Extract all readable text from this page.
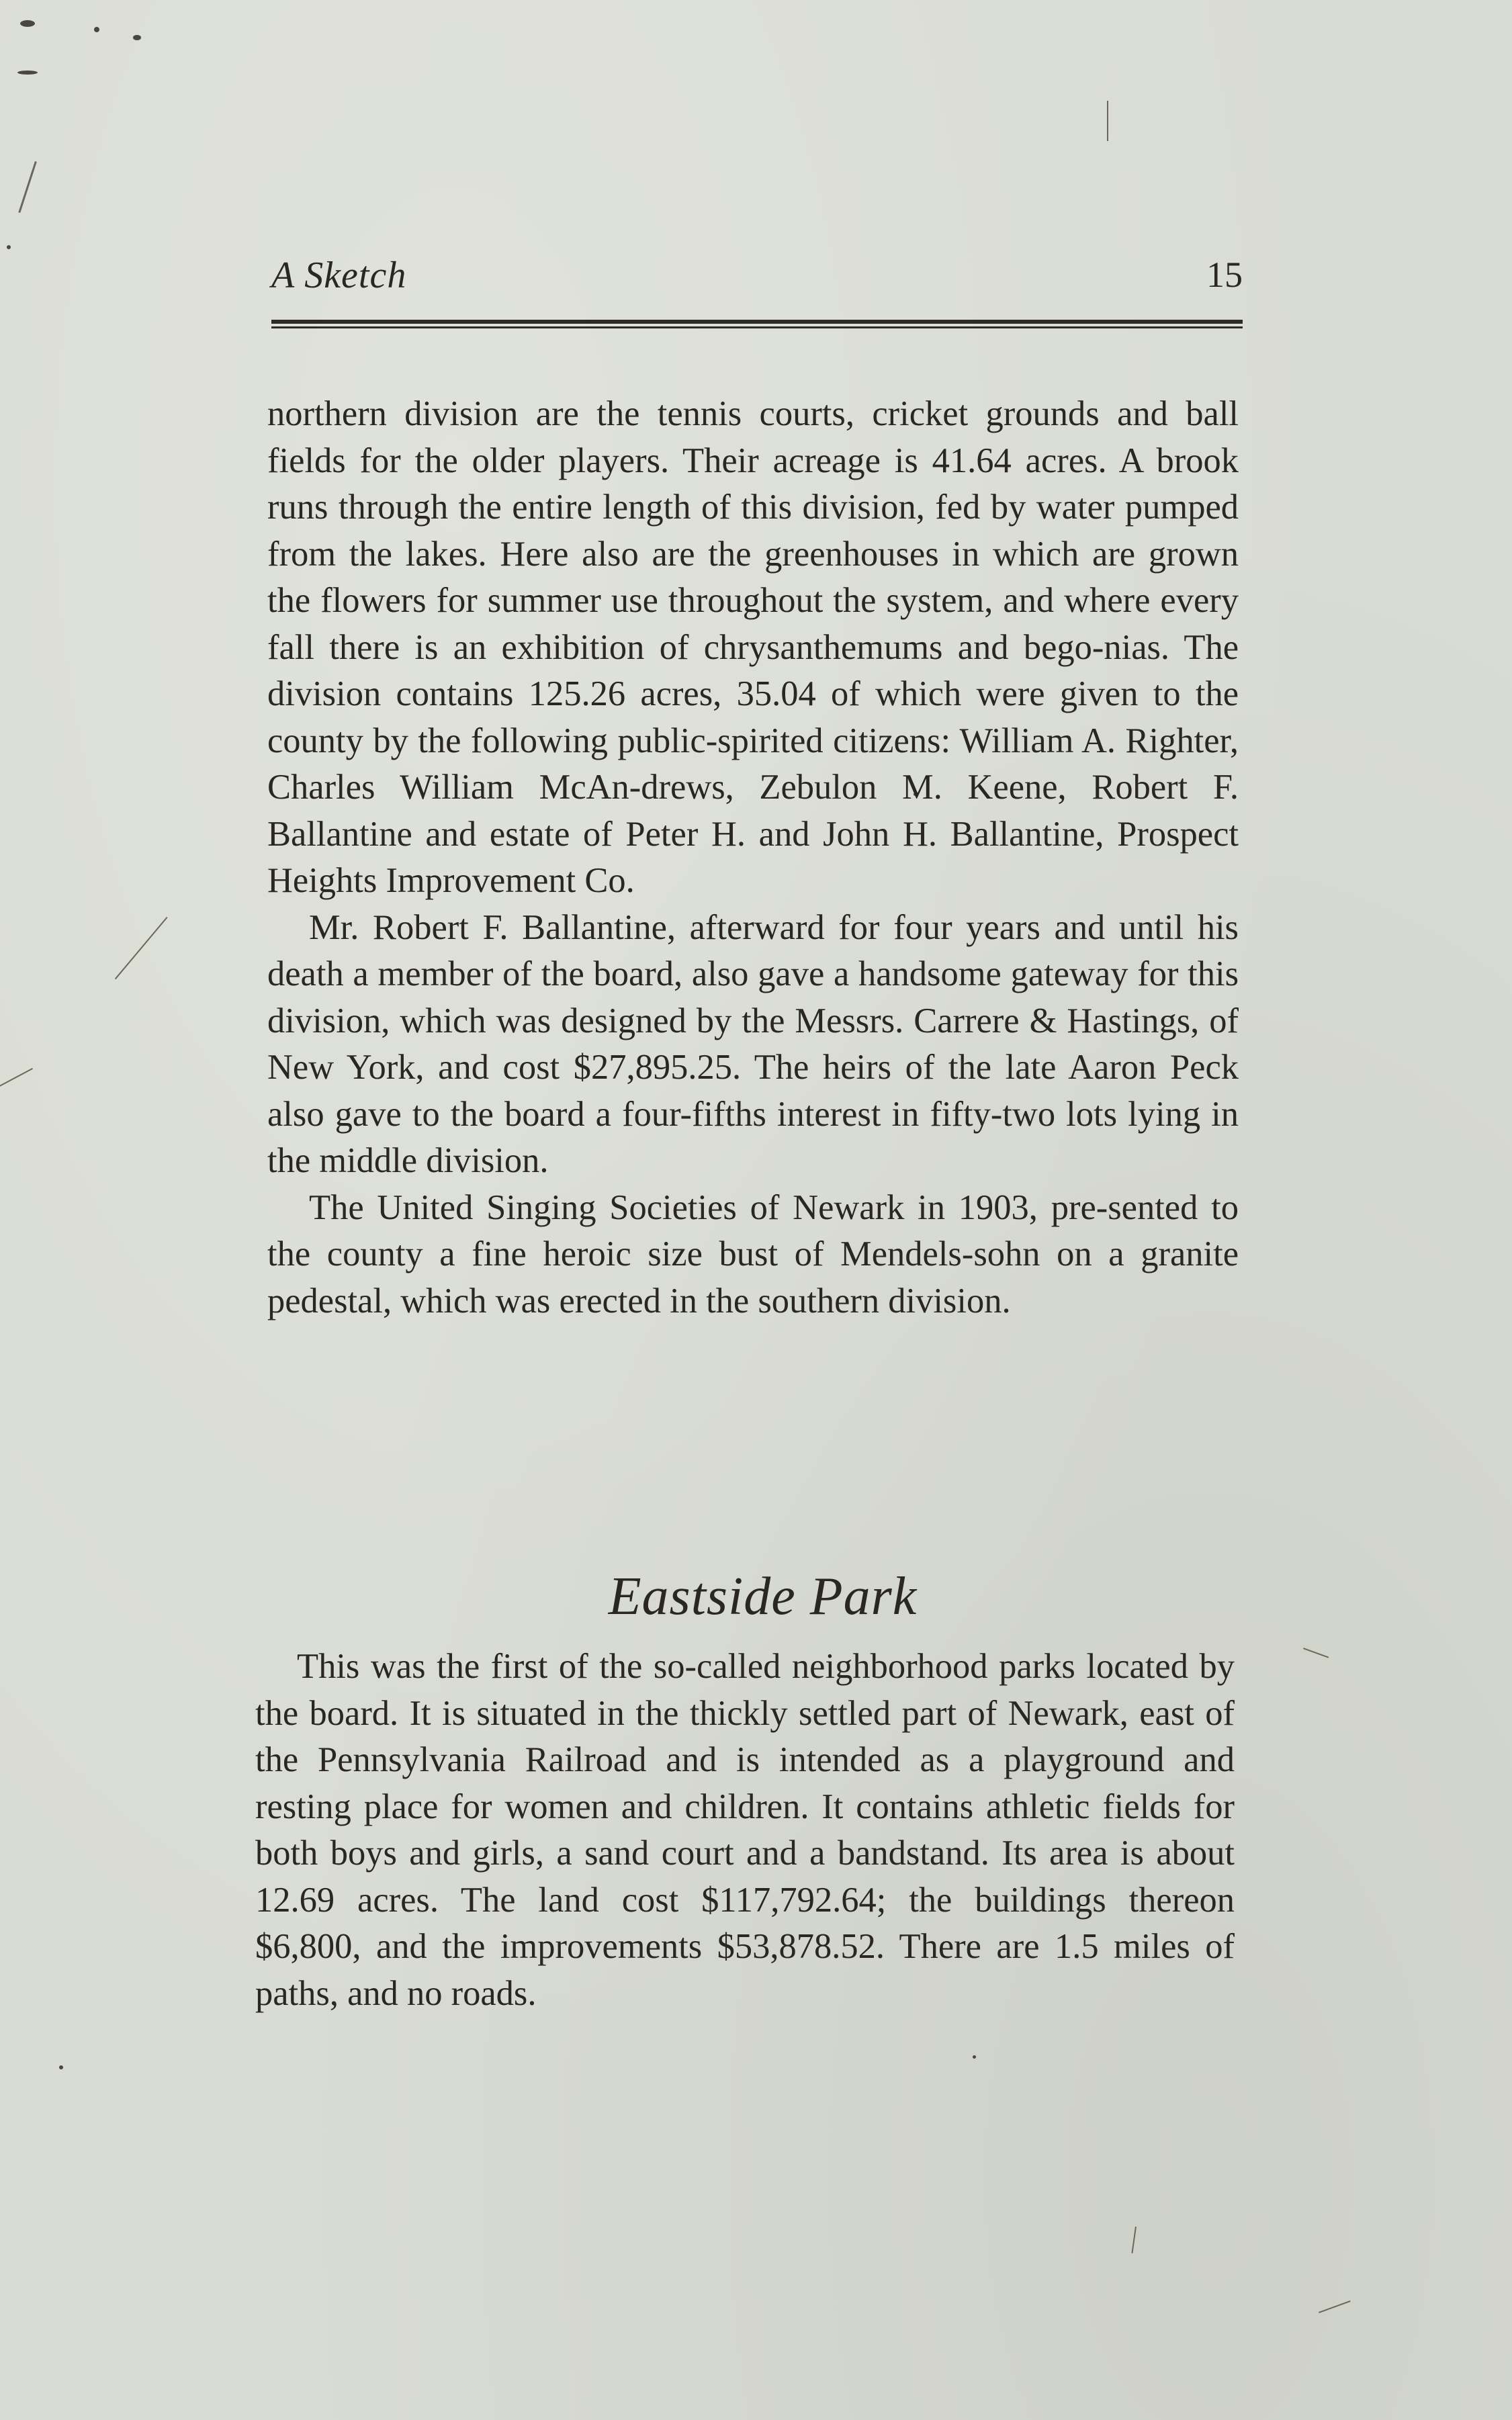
A Sketch	15

northern division are the tennis courts, cricket grounds and ball fields for the older players. Their acreage is 41.64 acres. A brook runs through the entire length of this division, fed by water pumped from the lakes. Here also are the greenhouses in which are grown the flowers for summer use throughout the system, and where every fall there is an exhibition of chrysanthemums and bego-nias. The division contains 125.26 acres, 35.04 of which were given to the county by the following public-spirited citizens: William A. Righter, Charles William McAn-drews, Zebulon M. Keene, Robert F. Ballantine and estate of Peter H. and John H. Ballantine, Prospect Heights Improvement Co.

Mr. Robert F. Ballantine, afterward for four years and until his death a member of the board, also gave a handsome gateway for this division, which was designed by the Messrs. Carrere & Hastings, of New York, and cost $27,895.25. The heirs of the late Aaron Peck also gave to the board a four-fifths interest in fifty-two lots lying in the middle division.

The United Singing Societies of Newark in 1903, pre-sented to the county a fine heroic size bust of Mendels-sohn on a granite pedestal, which was erected in the southern division.

Eastside Park

This was the first of the so-called neighborhood parks located by the board. It is situated in the thickly settled part of Newark, east of the Pennsylvania Railroad and is intended as a playground and resting place for women and children. It contains athletic fields for both boys and girls, a sand court and a bandstand. Its area is about 12.69 acres. The land cost $117,792.64; the buildings thereon $6,800, and the improvements $53,878.52. There are 1.5 miles of paths, and no roads.
